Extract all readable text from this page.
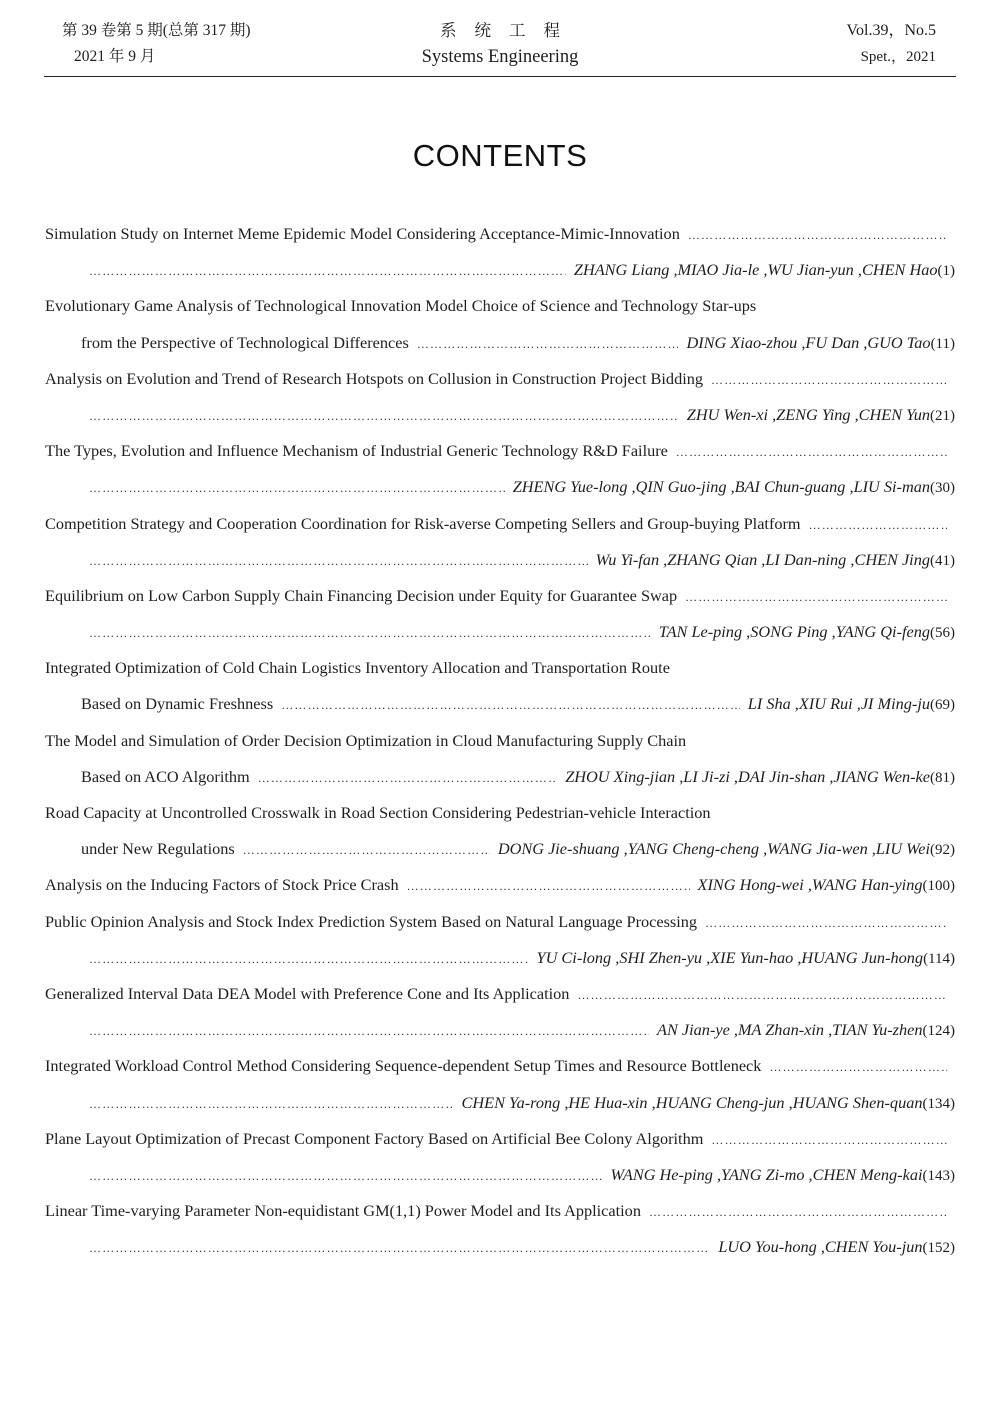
第 39 卷第 5 期(总第 317 期)
2021 年 9 月
系统工程
Systems Engineering
Vol.39，No.5
Spet.，2021
CONTENTS
Simulation Study on Internet Meme Epidemic Model Considering Acceptance-Mimic-Innovation
………………………………………………………………………………………………………………………………………………………………………………………………………………………………………………
………………………………………………………………………………………………………………………………………………………………………………………………………………………………………………
ZHANG Liang ,MIAO Jia-le ,WU Jian-yun ,CHEN Hao (1)
Evolutionary Game Analysis of Technological Innovation Model Choice of Science and Technology Star-ups
from the Perspective of Technological Differences ………………………………………………………………………………………………………………………………………………………………………………………………………………………………………………	DING Xiao-zhou ,FU Dan ,GUO Tao (11)
Analysis on Evolution and Trend of Research Hotspots on Collusion in Construction Project Bidding
………………………………………………………………………………………………………………………………………………………………………………………………………………………………………………
………………………………………………………………………………………………………………………………………………………………………………………………………………………………………………
ZHU Wen-xi ,ZENG Ying ,CHEN Yun (21)
The Types, Evolution and Influence Mechanism of Industrial Generic Technology R&D Failure
………………………………………………………………………………………………………………………………………………………………………………………………………………………………………………
………………………………………………………………………………………………………………………………………………………………………………………………………………………………………………
ZHENG Yue-long ,QIN Guo-jing ,BAI Chun-guang ,LIU Si-man (30)
Competition Strategy and Cooperation Coordination for Risk-averse Competing Sellers and Group-buying Platform
………………………………………………………………………………………………………………………………………………………………………………………………………………………………………………
………………………………………………………………………………………………………………………………………………………………………………………………………………………………………………
Wu Yi-fan ,ZHANG Qian ,LI Dan-ning ,CHEN Jing (41)
Equilibrium on Low Carbon Supply Chain Financing Decision under Equity for Guarantee Swap
………………………………………………………………………………………………………………………………………………………………………………………………………………………………………………
………………………………………………………………………………………………………………………………………………………………………………………………………………………………………………
TAN Le-ping ,SONG Ping ,YANG Qi-feng (56)
Integrated Optimization of Cold Chain Logistics Inventory Allocation and Transportation Route
Based on Dynamic Freshness ………………………………………………………………………………………………………………………………………………………………………………………………………………………………………………	LI Sha ,XIU Rui ,JI Ming-ju (69)
The Model and Simulation of Order Decision Optimization in Cloud Manufacturing Supply Chain
Based on ACO Algorithm ………………………………………………………………………………………………………………………………………………………………………………………………………………………………………………	ZHOU Xing-jian ,LI Ji-zi ,DAI Jin-shan ,JIANG Wen-ke (81)
Road Capacity at Uncontrolled Crosswalk in Road Section Considering Pedestrian-vehicle Interaction
under New Regulations ………………………………………………………………………………………………………………………………………………………………………………………………………………………………………………	DONG Jie-shuang ,YANG Cheng-cheng ,WANG Jia-wen ,LIU Wei (92)
Analysis on the Inducing Factors of Stock Price Crash ………………………………………………………………………………………………………………………………………………………………………………………………………………………………………………	XING Hong-wei ,WANG Han-ying (100)
Public Opinion Analysis and Stock Index Prediction System Based on Natural Language Processing
………………………………………………………………………………………………………………………………………………………………………………………………………………………………………………
………………………………………………………………………………………………………………………………………………………………………………………………………………………………………………
YU Ci-long ,SHI Zhen-yu ,XIE Yun-hao ,HUANG Jun-hong (114)
Generalized Interval Data DEA Model with Preference Cone and Its Application
………………………………………………………………………………………………………………………………………………………………………………………………………………………………………………
………………………………………………………………………………………………………………………………………………………………………………………………………………………………………………
AN Jian-ye ,MA Zhan-xin ,TIAN Yu-zhen (124)
Integrated Workload Control Method Considering Sequence-dependent Setup Times and Resource Bottleneck
………………………………………………………………………………………………………………………………………………………………………………………………………………………………………………
………………………………………………………………………………………………………………………………………………………………………………………………………………………………………………
CHEN Ya-rong ,HE Hua-xin ,HUANG Cheng-jun ,HUANG Shen-quan (134)
Plane Layout Optimization of Precast Component Factory Based on Artificial Bee Colony Algorithm
………………………………………………………………………………………………………………………………………………………………………………………………………………………………………………
………………………………………………………………………………………………………………………………………………………………………………………………………………………………………………
WANG He-ping ,YANG Zi-mo ,CHEN Meng-kai (143)
Linear Time-varying Parameter Non-equidistant GM(1,1) Power Model and Its Application
………………………………………………………………………………………………………………………………………………………………………………………………………………………………………………
………………………………………………………………………………………………………………………………………………………………………………………………………………………………………………
LUO You-hong ,CHEN You-jun (152)
